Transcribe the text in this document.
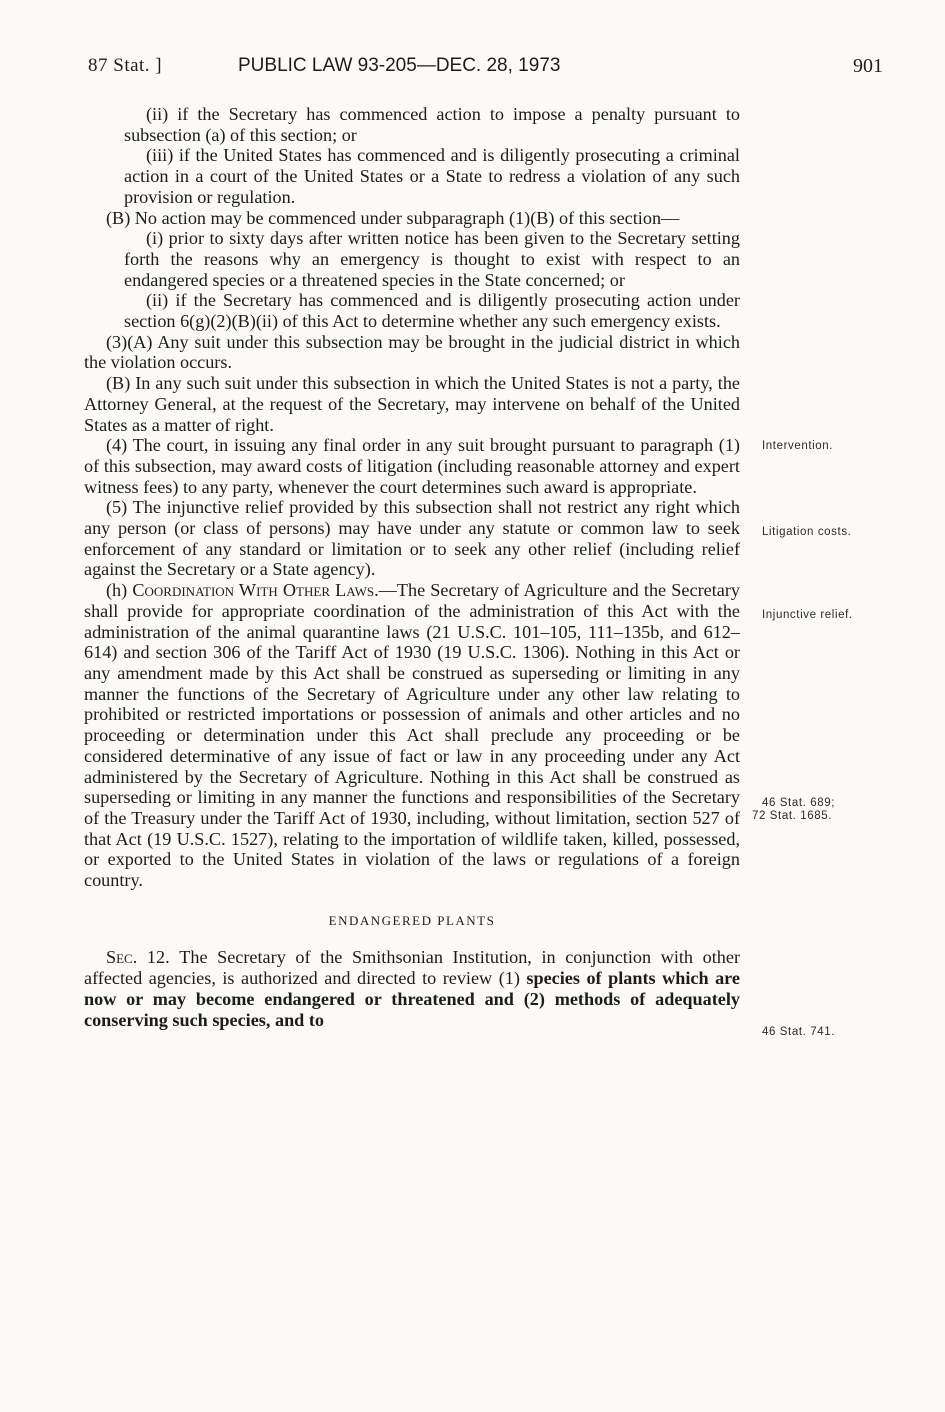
87 Stat. ]	PUBLIC LAW 93-205—DEC. 28, 1973	901

(ii) if the Secretary has commenced action to impose a penalty pursuant to subsection (a) of this section; or

(iii) if the United States has commenced and is diligently prosecuting a criminal action in a court of the United States or a State to redress a violation of any such provision or regulation.

(B) No action may be commenced under subparagraph (1)(B) of this section—

(i) prior to sixty days after written notice has been given to the Secretary setting forth the reasons why an emergency is thought to exist with respect to an endangered species or a threatened species in the State concerned; or

(ii) if the Secretary has commenced and is diligently prosecuting action under section 6(g)(2)(B)(ii) of this Act to determine whether any such emergency exists.

(3)(A) Any suit under this subsection may be brought in the judicial district in which the violation occurs.

(B) In any such suit under this subsection in which the United States is not a party, the Attorney General, at the request of the Secretary, may intervene on behalf of the United States as a matter of right.

(4) The court, in issuing any final order in any suit brought pursuant to paragraph (1) of this subsection, may award costs of litigation (including reasonable attorney and expert witness fees) to any party, whenever the court determines such award is appropriate.

(5) The injunctive relief provided by this subsection shall not restrict any right which any person (or class of persons) may have under any statute or common law to seek enforcement of any standard or limitation or to seek any other relief (including relief against the Secretary or a State agency).

(h) Coordination With Other Laws.—The Secretary of Agriculture and the Secretary shall provide for appropriate coordination of the administration of this Act with the administration of the animal quarantine laws (21 U.S.C. 101–105, 111–135b, and 612–614) and section 306 of the Tariff Act of 1930 (19 U.S.C. 1306). Nothing in this Act or any amendment made by this Act shall be construed as superseding or limiting in any manner the functions of the Secretary of Agriculture under any other law relating to prohibited or restricted importations or possession of animals and other articles and no proceeding or determination under this Act shall preclude any proceeding or be considered determinative of any issue of fact or law in any proceeding under any Act administered by the Secretary of Agriculture. Nothing in this Act shall be construed as superseding or limiting in any manner the functions and responsibilities of the Secretary of the Treasury under the Tariff Act of 1930, including, without limitation, section 527 of that Act (19 U.S.C. 1527), relating to the importation of wildlife taken, killed, possessed, or exported to the United States in violation of the laws or regulations of a foreign country.

ENDANGERED PLANTS

Sec. 12. The Secretary of the Smithsonian Institution, in conjunction with other affected agencies, is authorized and directed to review (1) species of plants which are now or may become endangered or threatened and (2) methods of adequately conserving such species, and to

Intervention.
Litigation costs.
Injunctive relief.
46 Stat. 689;
72 Stat. 1685.
46 Stat. 741.
